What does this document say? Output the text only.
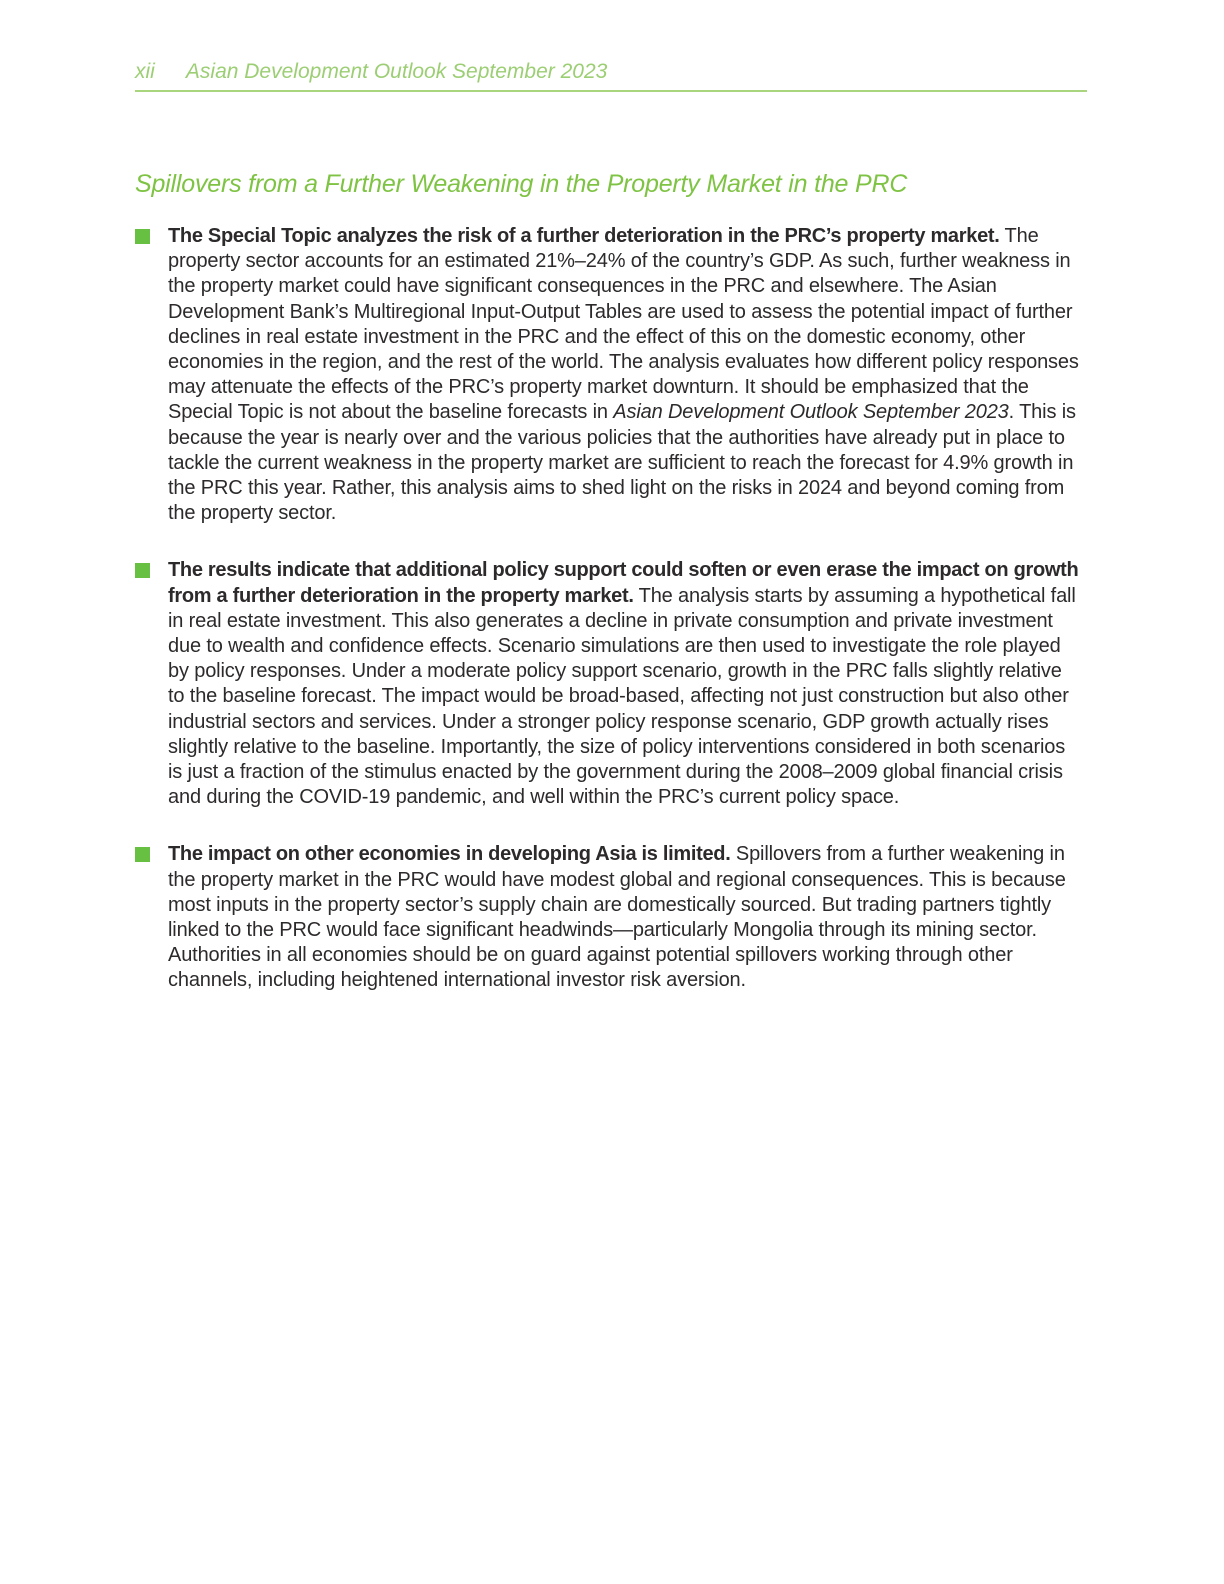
xii Asian Development Outlook September 2023
Spillovers from a Further Weakening in the Property Market in the PRC

The Special Topic analyzes the risk of a further deterioration in the PRC’s property market. The property sector accounts for an estimated 21%–24% of the country’s GDP. As such, further weakness in the property market could have significant consequences in the PRC and elsewhere. The Asian Development Bank’s Multiregional Input-Output Tables are used to assess the potential impact of further declines in real estate investment in the PRC and the effect of this on the domestic economy, other economies in the region, and the rest of the world. The analysis evaluates how different policy responses may attenuate the effects of the PRC’s property market downturn. It should be emphasized that the Special Topic is not about the baseline forecasts in Asian Development Outlook September 2023. This is because the year is nearly over and the various policies that the authorities have already put in place to tackle the current weakness in the property market are sufficient to reach the forecast for 4.9% growth in the PRC this year. Rather, this analysis aims to shed light on the risks in 2024 and beyond coming from the property sector.

The results indicate that additional policy support could soften or even erase the impact on growth from a further deterioration in the property market. The analysis starts by assuming a hypothetical fall in real estate investment. This also generates a decline in private consumption and private investment due to wealth and confidence effects. Scenario simulations are then used to investigate the role played by policy responses. Under a moderate policy support scenario, growth in the PRC falls slightly relative to the baseline forecast. The impact would be broad-based, affecting not just construction but also other industrial sectors and services. Under a stronger policy response scenario, GDP growth actually rises slightly relative to the baseline. Importantly, the size of policy interventions considered in both scenarios is just a fraction of the stimulus enacted by the government during the 2008–2009 global financial crisis and during the COVID-19 pandemic, and well within the PRC’s current policy space.

The impact on other economies in developing Asia is limited. Spillovers from a further weakening in the property market in the PRC would have modest global and regional consequences. This is because most inputs in the property sector’s supply chain are domestically sourced. But trading partners tightly linked to the PRC would face significant headwinds—particularly Mongolia through its mining sector. Authorities in all economies should be on guard against potential spillovers working through other channels, including heightened international investor risk aversion.
